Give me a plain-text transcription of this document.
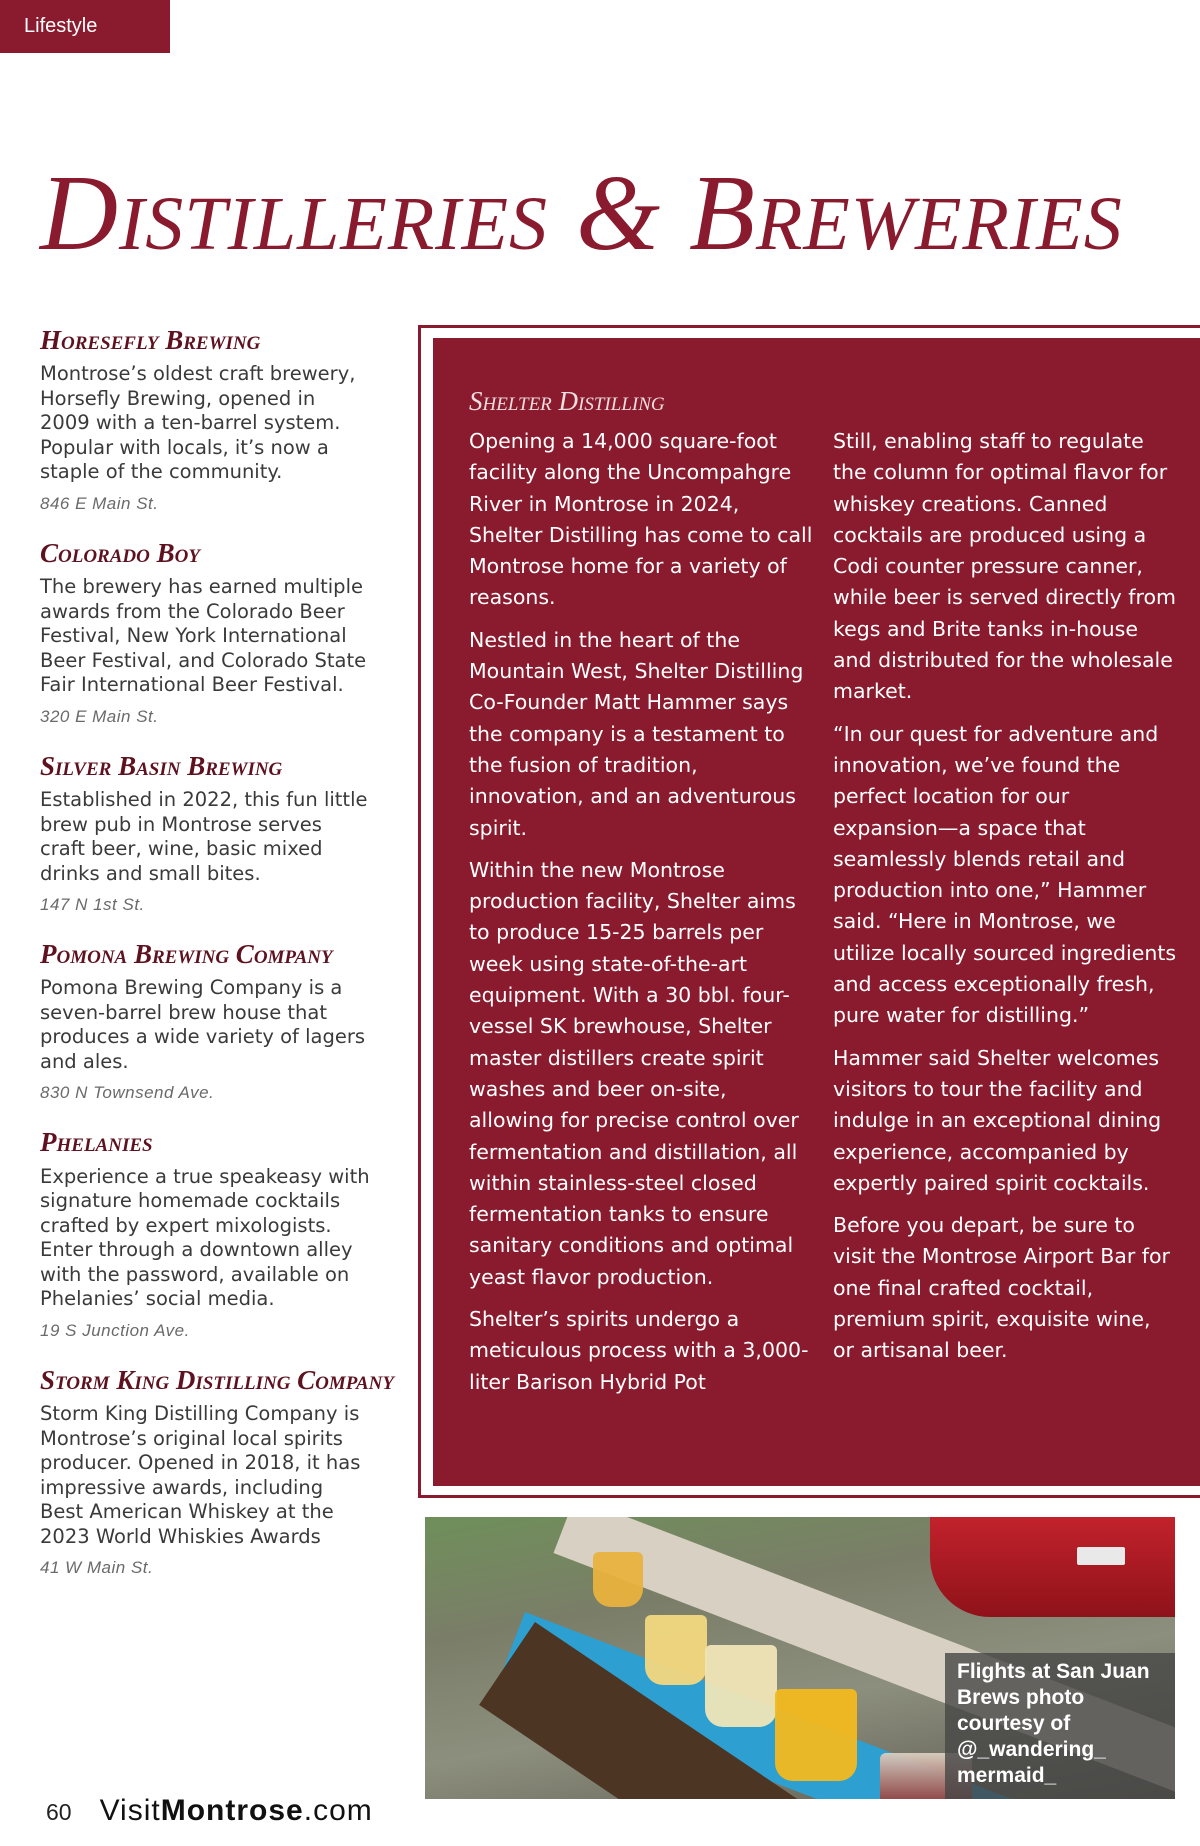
Lifestyle
Distilleries & Breweries
Horesefly Brewing

Montrose’s oldest craft brewery, Horsefly Brewing, opened in 2009 with a ten-barrel system. Popular with locals, it’s now a staple of the community.

846 E Main St.

Colorado Boy

The brewery has earned multiple awards from the Colorado Beer Festival, New York International Beer Festival, and Colorado State Fair International Beer Festival.

320 E Main St.

Silver Basin Brewing

Established in 2022, this fun little brew pub in Montrose serves craft beer, wine, basic mixed drinks and small bites.

147 N 1st St.

Pomona Brewing Company

Pomona Brewing Company is a seven-barrel brew house that produces a wide variety of lagers and ales.

830 N Townsend Ave.

Phelanies

Experience a true speakeasy with signature homemade cocktails crafted by expert mixologists. Enter through a downtown alley with the password, available on Phelanies’ social media.

19 S Junction Ave.

Storm King Distilling Company

Storm King Distilling Company is Montrose’s original local spirits producer. Opened in 2018, it has impressive awards, including Best American Whiskey at the 2023 World Whiskies Awards

41 W Main St.

Shelter Distilling

Opening a 14,000 square-foot facility along the Uncompahgre River in Montrose in 2024, Shelter Distilling has come to call Montrose home for a variety of reasons.

Nestled in the heart of the Mountain West, Shelter Distilling Co-Founder Matt Hammer says the company is a testament to the fusion of tradition, innovation, and an adventurous spirit.

Within the new Montrose production facility, Shelter aims to produce 15-25 barrels per week using state-of-the-art equipment. With a 30 bbl. four-vessel SK brewhouse, Shelter master distillers create spirit washes and beer on-site, allowing for precise control over fermentation and distillation, all within stainless-steel closed fermentation tanks to ensure sanitary conditions and optimal yeast flavor production.

Shelter’s spirits undergo a meticulous process with a 3,000-liter Barison Hybrid Pot

Still, enabling staff to regulate the column for optimal flavor for whiskey creations. Canned cocktails are produced using a Codi counter pressure canner, while beer is served directly from kegs and Brite tanks in-house and distributed for the wholesale market.

“In our quest for adventure and innovation, we’ve found the perfect location for our expansion—a space that seamlessly blends retail and production into one,” Hammer said. “Here in Montrose, we utilize locally sourced ingredients and access exceptionally fresh, pure water for distilling.”

Hammer said Shelter welcomes visitors to tour the facility and indulge in an exceptional dining experience, accompanied by expertly paired spirit cocktails.

Before you depart, be sure to visit the Montrose Airport Bar for one final crafted cocktail, premium spirit, exquisite wine, or artisanal beer.

Flights at San Juan Brews photo courtesy of @_wandering_ mermaid_
60 VisitMontrose.com
